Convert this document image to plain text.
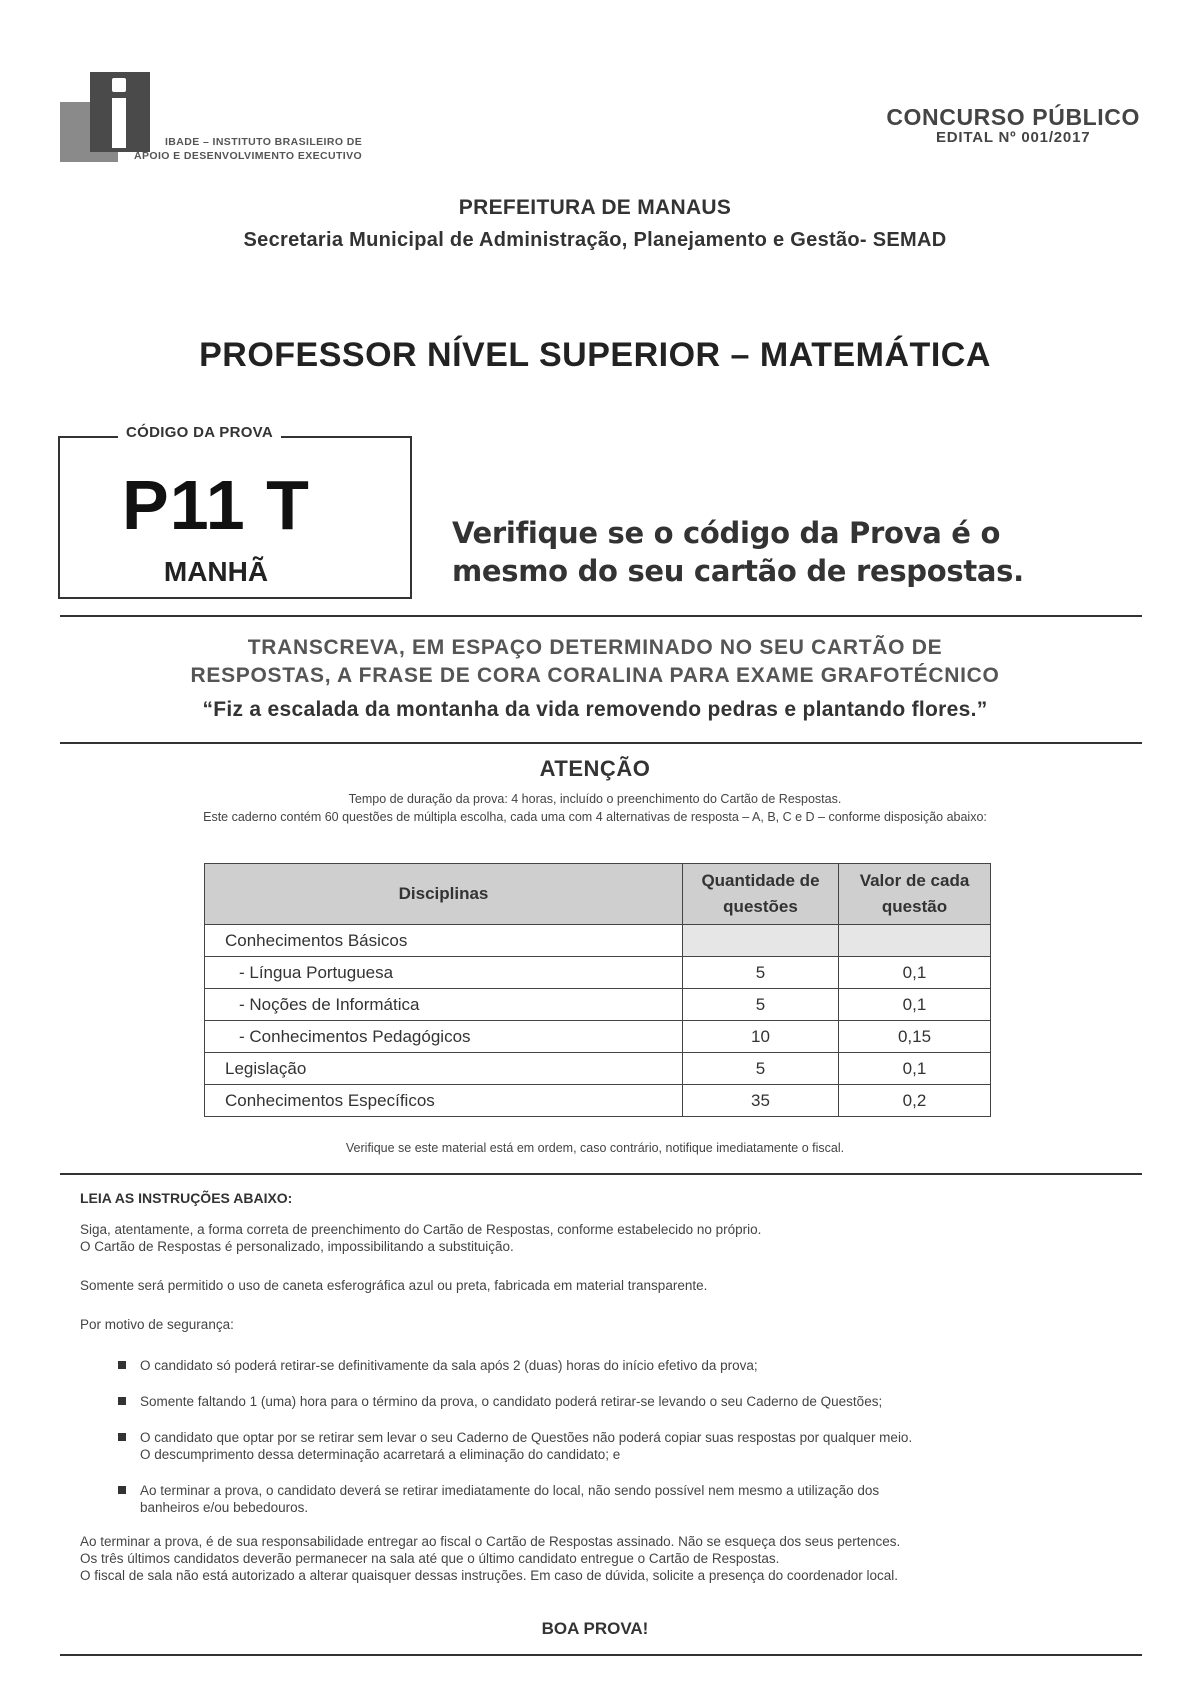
IBADE – INSTITUTO BRASILEIRO DE
APOIO E DESENVOLVIMENTO EXECUTIVO
CONCURSO PÚBLICO
EDITAL Nº 001/2017
PREFEITURA DE MANAUS
Secretaria Municipal de Administração, Planejamento e Gestão- SEMAD
PROFESSOR NÍVEL SUPERIOR – MATEMÁTICA
CÓDIGO DA PROVA
P11 T
MANHÃ
Verifique se o código da Prova é o
mesmo do seu cartão de respostas.
TRANSCREVA, EM ESPAÇO DETERMINADO NO SEU CARTÃO DE
RESPOSTAS, A FRASE DE CORA CORALINA PARA EXAME GRAFOTÉCNICO
“Fiz a escalada da montanha da vida removendo pedras e plantando flores.”
ATENÇÃO
Tempo de duração da prova: 4 horas, incluído o preenchimento do Cartão de Respostas.
Este caderno contém 60 questões de múltipla escolha, cada uma com 4 alternativas de resposta – A, B, C e D – conforme disposição abaixo:
Disciplinas	Quantidade de questões	Valor de cada questão
Conhecimentos Básicos		
- Língua Portuguesa	5	0,1
- Noções de Informática	5	0,1
- Conhecimentos Pedagógicos	10	0,15
Legislação	5	0,1
Conhecimentos Específicos	35	0,2
Verifique se este material está em ordem, caso contrário, notifique imediatamente o fiscal.
LEIA AS INSTRUÇÕES ABAIXO:

Siga, atentamente, a forma correta de preenchimento do Cartão de Respostas, conforme estabelecido no próprio.

O Cartão de Respostas é personalizado, impossibilitando a substituição.

Somente será permitido o uso de caneta esferográfica azul ou preta, fabricada em material transparente.

Por motivo de segurança:

O candidato só poderá retirar-se definitivamente da sala após 2 (duas) horas do início efetivo da prova;
Somente faltando 1 (uma) hora para o término da prova, o candidato poderá retirar-se levando o seu Caderno de Questões;
O candidato que optar por se retirar sem levar o seu Caderno de Questões não poderá copiar suas respostas por qualquer meio.
O descumprimento dessa determinação acarretará a eliminação do candidato; e
Ao terminar a prova, o candidato deverá se retirar imediatamente do local, não sendo possível nem mesmo a utilização dos
banheiros e/ou bebedouros.

Ao terminar a prova, é de sua responsabilidade entregar ao fiscal o Cartão de Respostas assinado. Não se esqueça dos seus pertences.

Os três últimos candidatos deverão permanecer na sala até que o último candidato entregue o Cartão de Respostas.

O fiscal de sala não está autorizado a alterar quaisquer dessas instruções. Em caso de dúvida, solicite a presença do coordenador local.

BOA PROVA!
